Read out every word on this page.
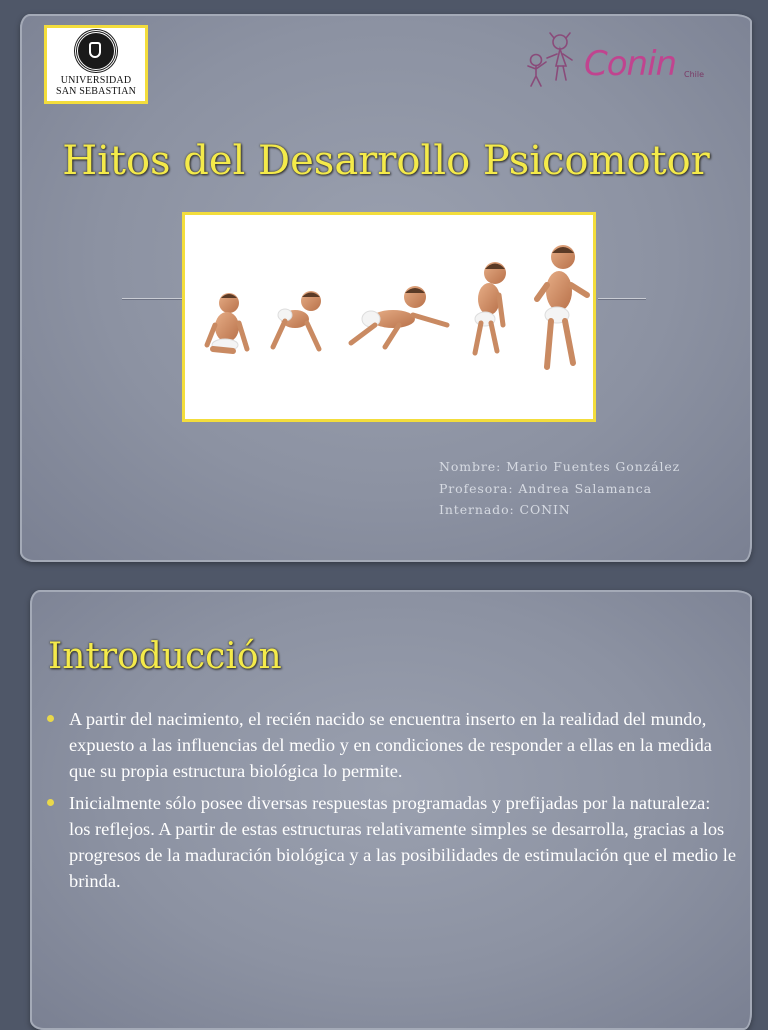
UNIVERSIDAD
SAN SEBASTIAN
Conin Chile
Hitos del Desarrollo Psicomotor
Nombre: Mario Fuentes González
Profesora: Andrea Salamanca
Internado: CONIN
Introducción
A partir del nacimiento, el recién nacido se encuentra inserto en la realidad del mundo, expuesto a las influencias del medio y en condiciones de responder a ellas en la medida que su propia estructura biológica lo permite.
Inicialmente sólo posee diversas respuestas programadas y prefijadas por la naturaleza: los reflejos. A partir de estas estructuras relativamente simples se desarrolla, gracias a los progresos de la maduración biológica y a las posibilidades de estimulación que el medio le brinda.
